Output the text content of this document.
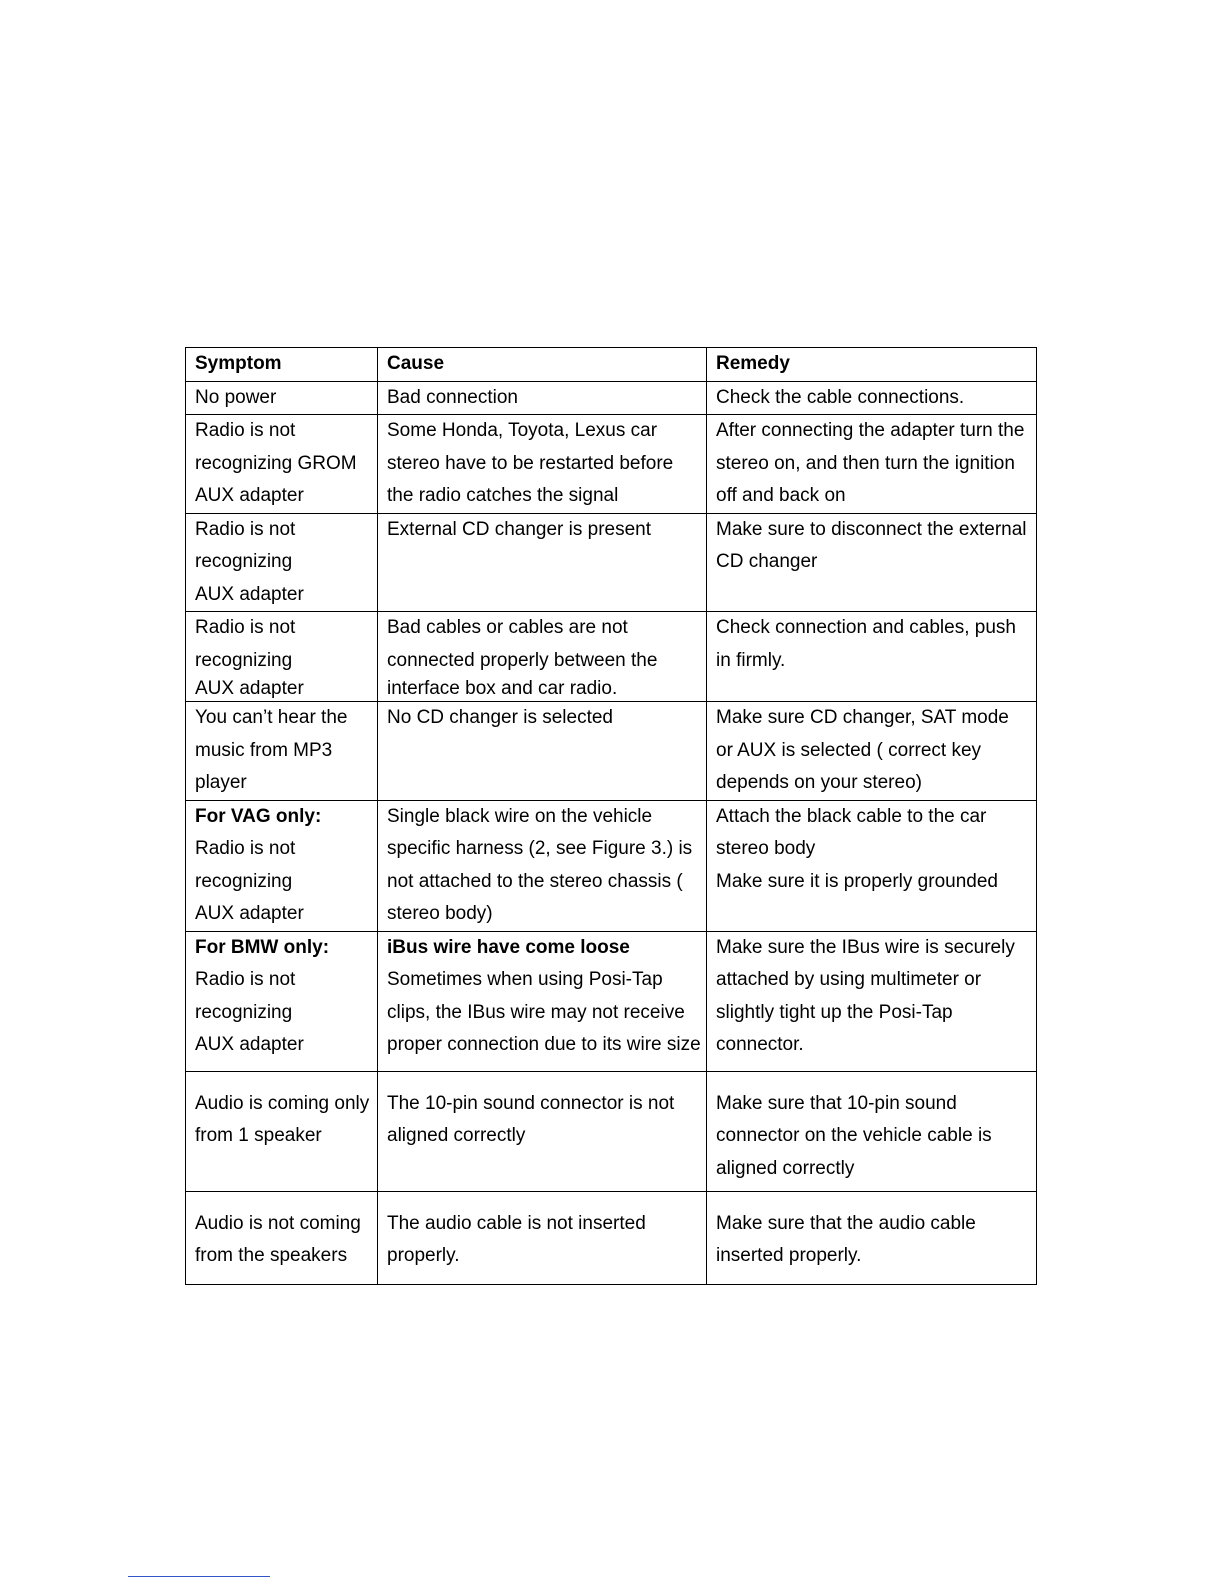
Symptom	Cause	Remedy

No power	Bad connection	Check the cable connections.

Radio is not
recognizing GROM
AUX adapter	Some Honda, Toyota, Lexus car
stereo have to be restarted before
the radio catches the signal	After connecting the adapter turn the
stereo on, and then turn the ignition
off and back on

Radio is not
recognizing
AUX adapter	External CD changer is present	Make sure to disconnect the external
CD changer

Radio is not
recognizing
AUX adapter	Bad cables or cables are not
connected properly between the
interface box and car radio.	Check connection and cables, push
in firmly.

You can’t hear the
music from MP3
player	No CD changer is selected	Make sure CD changer, SAT mode
or AUX is selected ( correct key
depends on your stereo)

For VAG only:
Radio is not
recognizing
AUX adapter	Single black wire on the vehicle
specific harness (2, see Figure 3.) is
not attached to the stereo chassis (
stereo body)	Attach the black cable to the car
stereo body
Make sure it is properly grounded

For BMW only:
Radio is not
recognizing
AUX adapter	iBus wire have come loose
Sometimes when using Posi-Tap
clips, the IBus wire may not receive
proper connection due to its wire size	Make sure the IBus wire is securely
attached by using multimeter or
slightly tight up the Posi-Tap
connector.

Audio is coming only
from 1 speaker	The 10-pin sound connector is not
aligned correctly	Make sure that 10-pin sound
connector on the vehicle cable is
aligned correctly

Audio is not coming
from the speakers	The audio cable is not inserted
properly.	Make sure that the audio cable
inserted properly.
